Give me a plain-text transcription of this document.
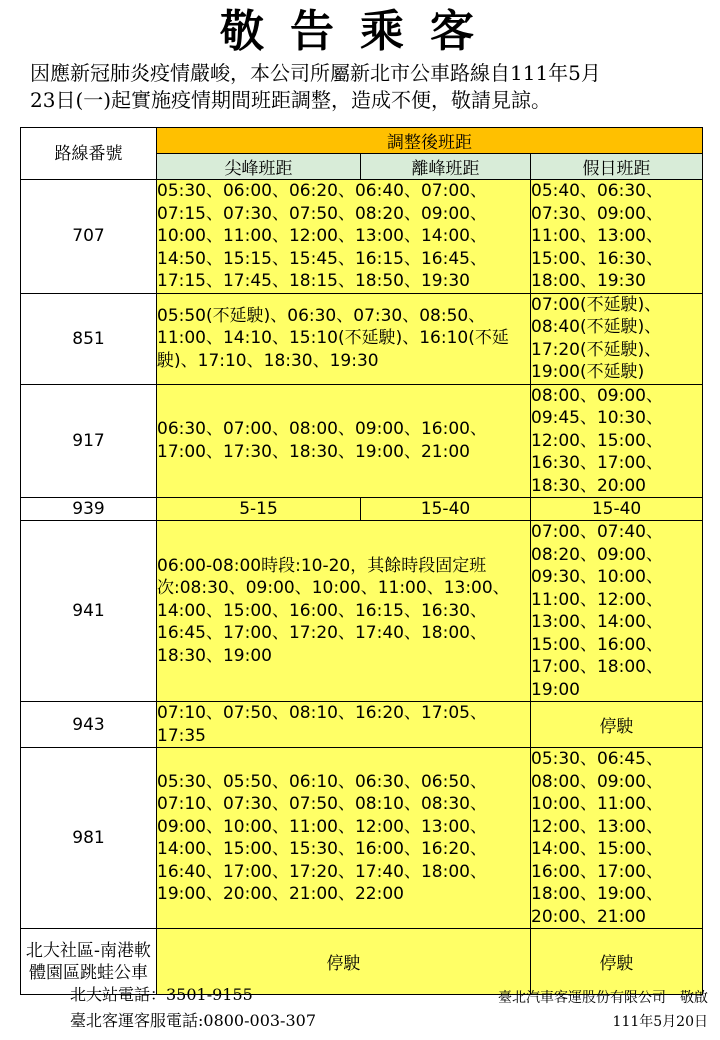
敬告乘客

因應新冠肺炎疫情嚴峻，本公司所屬新北市公車路線自111年5月

23日(一)起實施疫情期間班距調整，造成不便，敬請見諒。

路線番號	調整後班距		
	尖峰班距	離峰班距	假日班距
707	05:30、06:00、06:20、06:40、07:00、07:15、07:30、07:50、08:20、09:00、10:00、11:00、12:00、13:00、14:00、14:50、15:15、15:45、16:15、16:45、17:15、17:45、18:15、18:50、19:30		05:40、06:30、07:30、09:00、11:00、13:00、15:00、16:30、18:00、19:30
851	05:50(不延駛)、06:30、07:30、08:50、11:00、14:10、15:10(不延駛)、16:10(不延駛)、17:10、18:30、19:30		07:00(不延駛)、08:40(不延駛)、17:20(不延駛)、19:00(不延駛)
917	06:30、07:00、08:00、09:00、16:00、17:00、17:30、18:30、19:00、21:00		08:00、09:00、09:45、10:30、12:00、15:00、16:30、17:00、18:30、20:00
939	5-15	15-40	15-40
941	06:00-08:00時段:10-20，其餘時段固定班次:08:30、09:00、10:00、11:00、13:00、14:00、15:00、16:00、16:15、16:30、16:45、17:00、17:20、17:40、18:00、18:30、19:00		07:00、07:40、08:20、09:00、09:30、10:00、11:00、12:00、13:00、14:00、15:00、16:00、17:00、18:00、19:00
943	07:10、07:50、08:10、16:20、17:05、17:35		停駛
981	05:30、05:50、06:10、06:30、06:50、07:10、07:30、07:50、08:10、08:30、09:00、10:00、11:00、12:00、13:00、14:00、15:00、15:30、16:00、16:20、16:40、17:00、17:20、17:40、18:00、19:00、20:00、21:00、22:00		05:30、06:45、08:00、09:00、10:00、11:00、12:00、13:00、14:00、15:00、16:00、17:00、18:00、19:00、20:00、21:00
北大社區-南港軟體園區跳蛙公車	停駛		停駛
北大站電話：3501-9155
臺北客運客服電話:0800-003-307
臺北汽車客運股份有限公司　敬啟
111年5月20日
